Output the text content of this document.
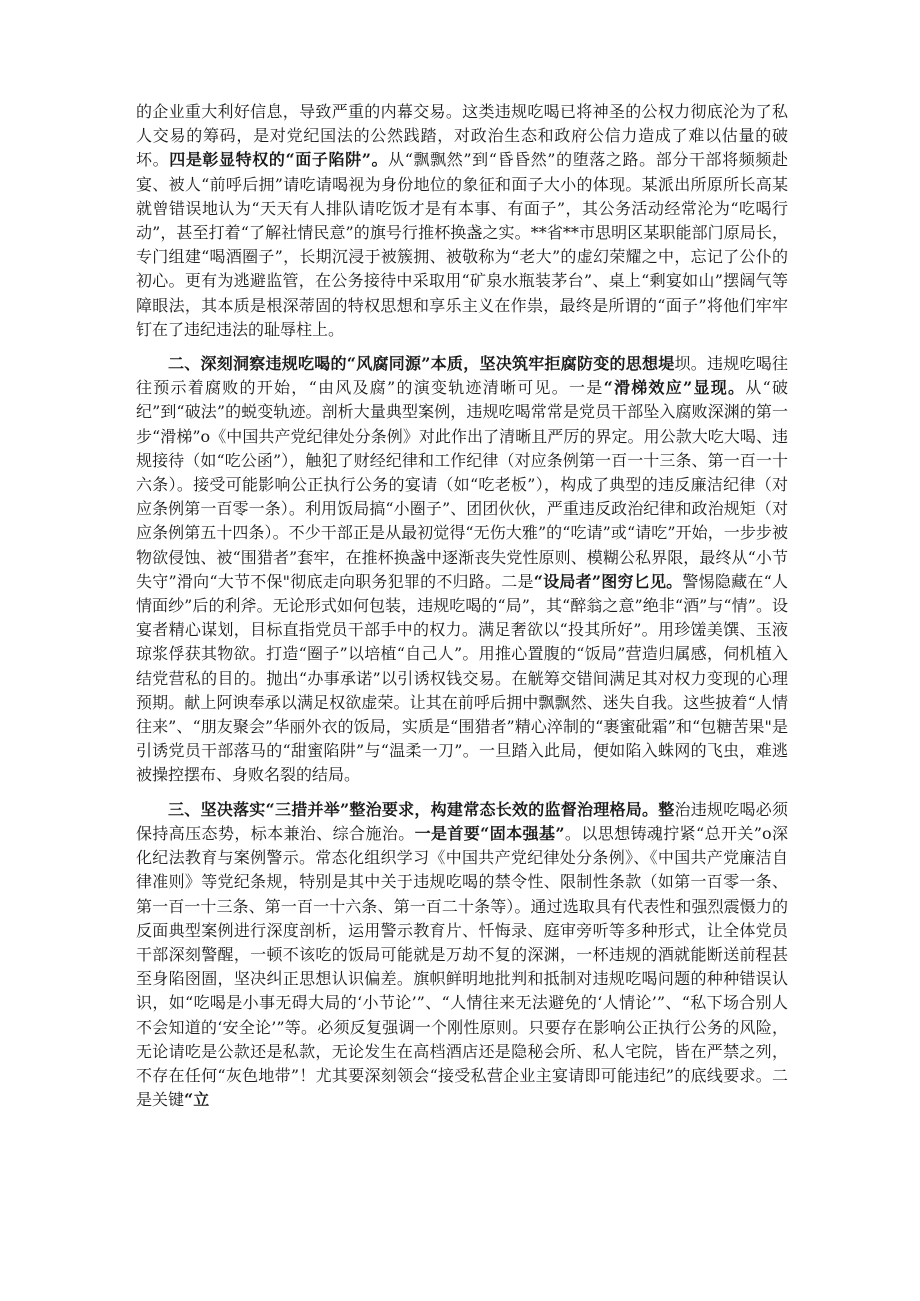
的企业重大利好信息，导致严重的内幕交易。这类违规吃喝已将神圣的公权力彻底沦为了私人交易的筹码，是对党纪国法的公然践踏，对政治生态和政府公信力造成了难以估量的破坏。四是彰显特权的“面子陷阱”。从“飘飘然”到“昏昏然”的堕落之路。部分干部将频频赴宴、被人“前呼后拥”请吃请喝视为身份地位的象征和面子大小的体现。某派出所原所长高某就曾错误地认为“天天有人排队请吃饭才是有本事、有面子”，其公务活动经常沦为“吃喝行动”，甚至打着“了解社情民意”的旗号行推杯换盏之实。**省**市思明区某职能部门原局长，专门组建“喝酒圈子”，长期沉浸于被簇拥、被敬称为“老大”的虚幻荣耀之中，忘记了公仆的初心。更有为逃避监管，在公务接待中采取用“矿泉水瓶装茅台”、桌上“剩宴如山”摆阔气等障眼法，其本质是根深蒂固的特权思想和享乐主义在作祟，最终是所谓的“面子”将他们牢牢钉在了违纪违法的耻辱柱上。

二、深刻洞察违规吃喝的“风腐同源”本质，坚决筑牢拒腐防变的思想堤坝。违规吃喝往往预示着腐败的开始，“由风及腐”的演变轨迹清晰可见。一是“滑梯效应”显现。从“破纪”到“破法”的蜕变轨迹。剖析大量典型案例，违规吃喝常常是党员干部坠入腐败深渊的第一步“滑梯”o《中国共产党纪律处分条例》对此作出了清晰且严厉的界定。用公款大吃大喝、违规接待（如“吃公函”），触犯了财经纪律和工作纪律（对应条例第一百一十三条、第一百一十六条）。接受可能影响公正执行公务的宴请（如“吃老板”），构成了典型的违反廉洁纪律（对应条例第一百零一条）。利用饭局搞“小圈子”、团团伙伙，严重违反政治纪律和政治规矩（对应条例第五十四条）。不少干部正是从最初觉得“无伤大雅”的“吃请”或“请吃”开始，一步步被物欲侵蚀、被“围猎者”套牢，在推杯换盏中逐渐丧失党性原则、模糊公私界限，最终从“小节失守”滑向“大节不保"彻底走向职务犯罪的不归路。二是“设局者”图穷匕见。警惕隐藏在“人情面纱”后的利斧。无论形式如何包装，违规吃喝的“局”，其“醉翁之意”绝非“酒”与“情”。设宴者精心谋划，目标直指党员干部手中的权力。满足奢欲以“投其所好”。用珍馐美馔、玉液琼浆俘获其物欲。打造“圈子”以培植“自己人”。用推心置腹的“饭局”营造归属感，伺机植入结党营私的目的。抛出“办事承诺”以引诱权钱交易。在觥筹交错间满足其对权力变现的心理预期。献上阿谀奉承以满足权欲虚荣。让其在前呼后拥中飘飘然、迷失自我。这些披着“人情往来”、“朋友聚会”华丽外衣的饭局，实质是“围猎者”精心淬制的“裹蜜砒霜”和“包糖苦果"是引诱党员干部落马的“甜蜜陷阱”与“温柔一刀”。一旦踏入此局，便如陷入蛛网的飞虫，难逃被操控摆布、身败名裂的结局。

三、坚决落实“三措并举”整治要求，构建常态长效的监督治理格局。整治违规吃喝必须保持高压态势，标本兼治、综合施治。一是首要“固本强基”。以思想铸魂拧紧“总开关”o深化纪法教育与案例警示。常态化组织学习《中国共产党纪律处分条例》、《中国共产党廉洁自律准则》等党纪条规，特别是其中关于违规吃喝的禁令性、限制性条款（如第一百零一条、第一百一十三条、第一百一十六条、第一百二十条等）。通过选取具有代表性和强烈震慑力的反面典型案例进行深度剖析，运用警示教育片、忏悔录、庭审旁听等多种形式，让全体党员干部深刻警醒，一顿不该吃的饭局可能就是万劫不复的深渊，一杯违规的酒就能断送前程甚至身陷囹圄，坚决纠正思想认识偏差。旗帜鲜明地批判和抵制对违规吃喝问题的种种错误认识，如“吃喝是小事无碍大局的‘小节论’”、“人情往来无法避免的‘人情论’”、“私下场合别人不会知道的‘安全论’”等。必须反复强调一个刚性原则。只要存在影响公正执行公务的风险，无论请吃是公款还是私款，无论发生在高档酒店还是隐秘会所、私人宅院，皆在严禁之列，不存在任何“灰色地带”！尤其要深刻领会“接受私营企业主宴请即可能违纪”的底线要求。二是关键“立
